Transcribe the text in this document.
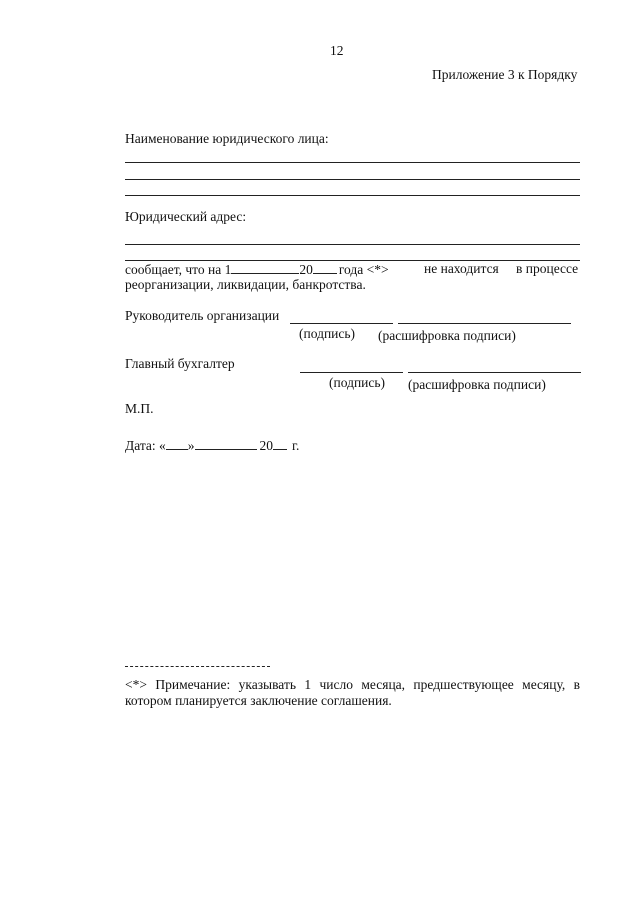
12
Приложение 3 к Порядку
Наименование юридического лица:
Юридический адрес:
сообщает, что на 1	20 года <*>	не находится в процессе
реорганизации, ликвидации, банкротства.
Руководитель организации
(подпись) (расшифровка подписи)
Главный бухгалтер
(подпись) (расшифровка подписи)
М.П.
Дата: « »	20 г.
<*> Примечание: указывать 1 число месяца, предшествующее месяцу, в
котором планируется заключение соглашения.
